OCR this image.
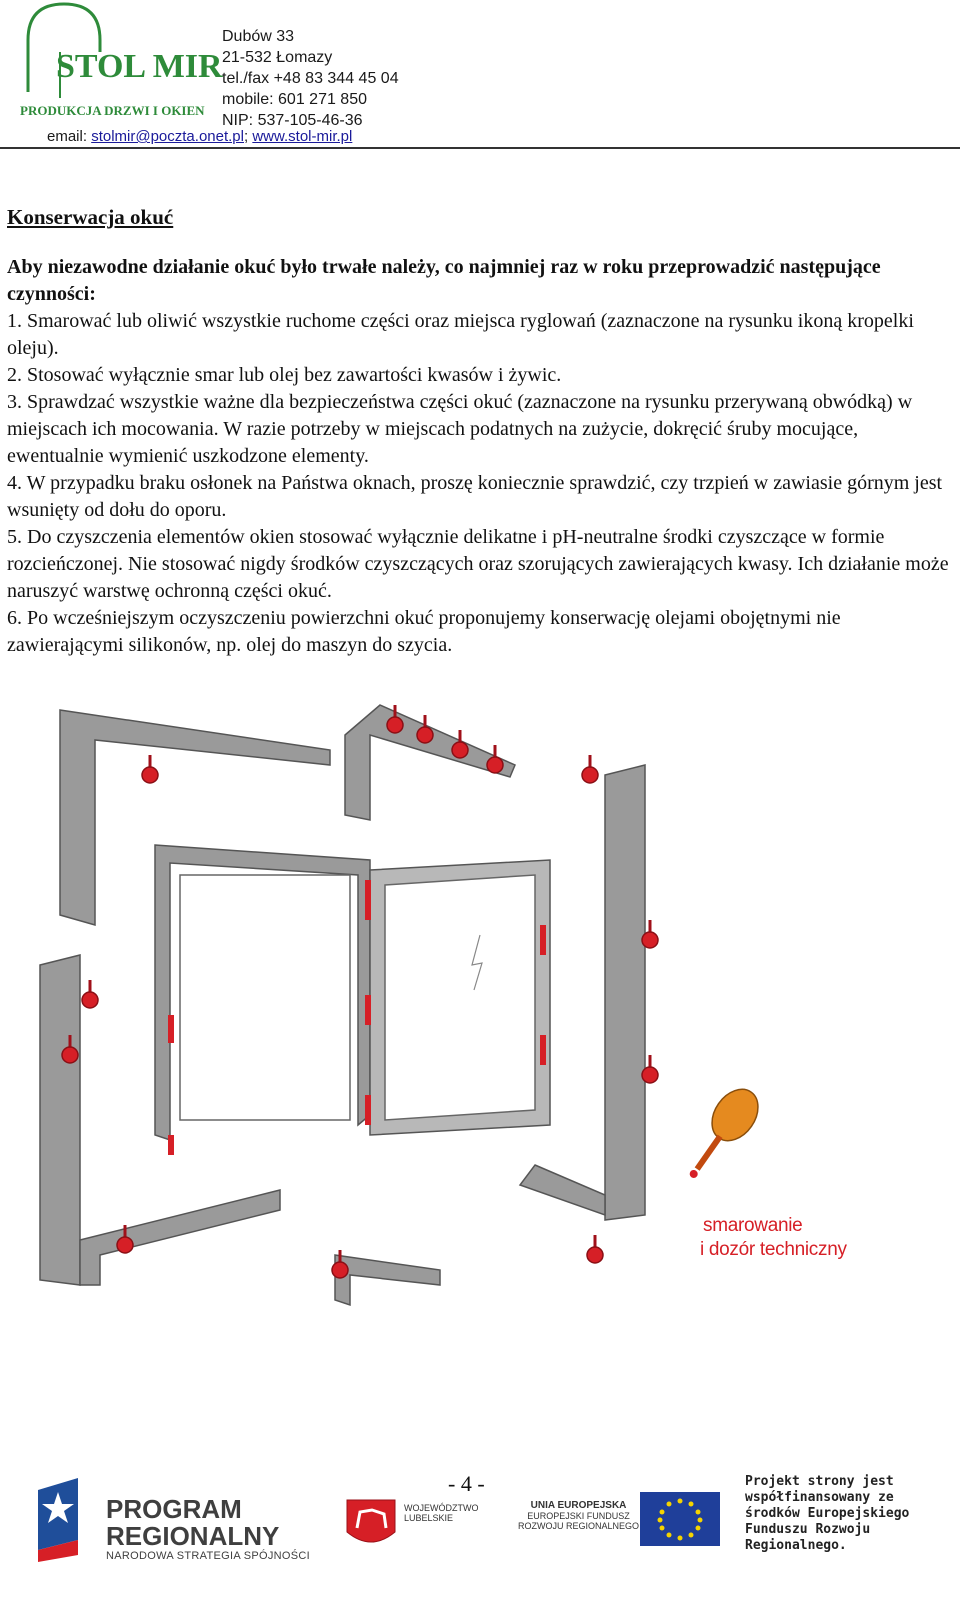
STOL MIR
PRODUKCJA DRZWI I OKIEN
Dubów 33
21-532 Łomazy
tel./fax +48 83 344 45 04
mobile: 601 271 850
NIP: 537-105-46-36
email: stolmir@poczta.onet.pl; www.stol-mir.pl
Konserwacja okuć

Aby niezawodne działanie okuć było trwałe należy, co najmniej raz w roku przeprowadzić następujące czynności:

1. Smarować lub oliwić wszystkie ruchome części oraz miejsca ryglowań (zaznaczone na rysunku ikoną kropelki oleju).

2. Stosować wyłącznie smar lub olej bez zawartości kwasów i żywic.

3. Sprawdzać wszystkie ważne dla bezpieczeństwa części okuć (zaznaczone na rysunku przerywaną obwódką) w miejscach ich mocowania. W razie potrzeby w miejscach podatnych na zużycie, dokręcić śruby mocujące, ewentualnie wymienić uszkodzone elementy.

4. W przypadku braku osłonek na Państwa oknach, proszę koniecznie sprawdzić, czy trzpień w zawiasie górnym jest wsunięty od dołu do oporu.

5. Do czyszczenia elementów okien stosować wyłącznie delikatne i pH-neutralne środki czyszczące w formie rozcieńczonej. Nie stosować nigdy środków czyszczących oraz szorujących zawierających kwasy. Ich działanie może naruszyć warstwę ochronną części okuć.

6. Po wcześniejszym oczyszczeniu powierzchni okuć proponujemy konserwację olejami obojętnymi nie zawierającymi silikonów, np. olej do maszyn do szycia.

smarowanie
i dozór techniczny
- 4 -
PROGRAM
REGIONALNY
NARODOWA STRATEGIA SPÓJNOŚCI
WOJEWÓDZTWO
LUBELSKIE
UNIA EUROPEJSKA
EUROPEJSKI FUNDUSZ
ROZWOJU REGIONALNEGO
Projekt strony jest
współfinansowany ze
środków Europejskiego
Funduszu Rozwoju
Regionalnego.
